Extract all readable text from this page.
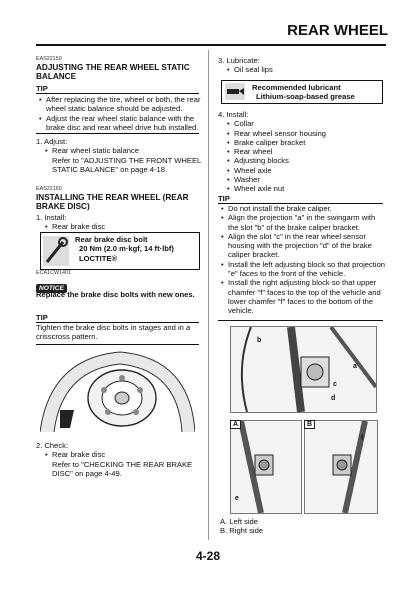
REAR WHEEL
EAS22150
ADJUSTING THE REAR WHEEL STATIC BALANCE
TIP
• After replacing the tire, wheel or both, the rear wheel static balance should be adjusted.
• Adjust the rear wheel static balance with the brake disc and rear wheel drive hub installed.
1. Adjust:
• Rear wheel static balance
Refer to "ADJUSTING THE FRONT WHEEL STATIC BALANCE" on page 4-18.
EAS22160
INSTALLING THE REAR WHEEL (REAR BRAKE DISC)
1. Install:
• Rear brake disc
Rear brake disc bolt
20 Nm (2.0 m·kgf, 14 ft·lbf)
LOCTITE®
ECA1CW1401
NOTICE
Replace the brake disc bolts with new ones.
TIP
Tighten the brake disc bolts in stages and in a crisscross pattern.
2. Check:
• Rear brake disc
Refer to "CHECKING THE REAR BRAKE DISC" on page 4-49.
3. Lubricate:
• Oil seal lips
Recommended lubricant
Lithium-soap-based grease
4. Install:
• Collar
• Rear wheel sensor housing
• Brake caliper bracket
• Rear wheel
• Adjusting blocks
• Wheel axle
• Washer
• Wheel axle nut
TIP
• Do not install the brake caliper.
• Align the projection "a" in the swingarm with the slot "b" of the brake caliper bracket.
• Align the slot "c" in the rear wheel sensor housing with the projection "d" of the brake caliper bracket.
• Install the left adjusting block so that projection "e" faces to the front of the vehicle.
• Install the right adjusting block so that upper chamfer "f" faces to the top of the vehicle and lower chamfer "f" faces to the bottom of the vehicle.
b
a
c
d
A
e
B
f
A. Left side
B. Right side
4-28
